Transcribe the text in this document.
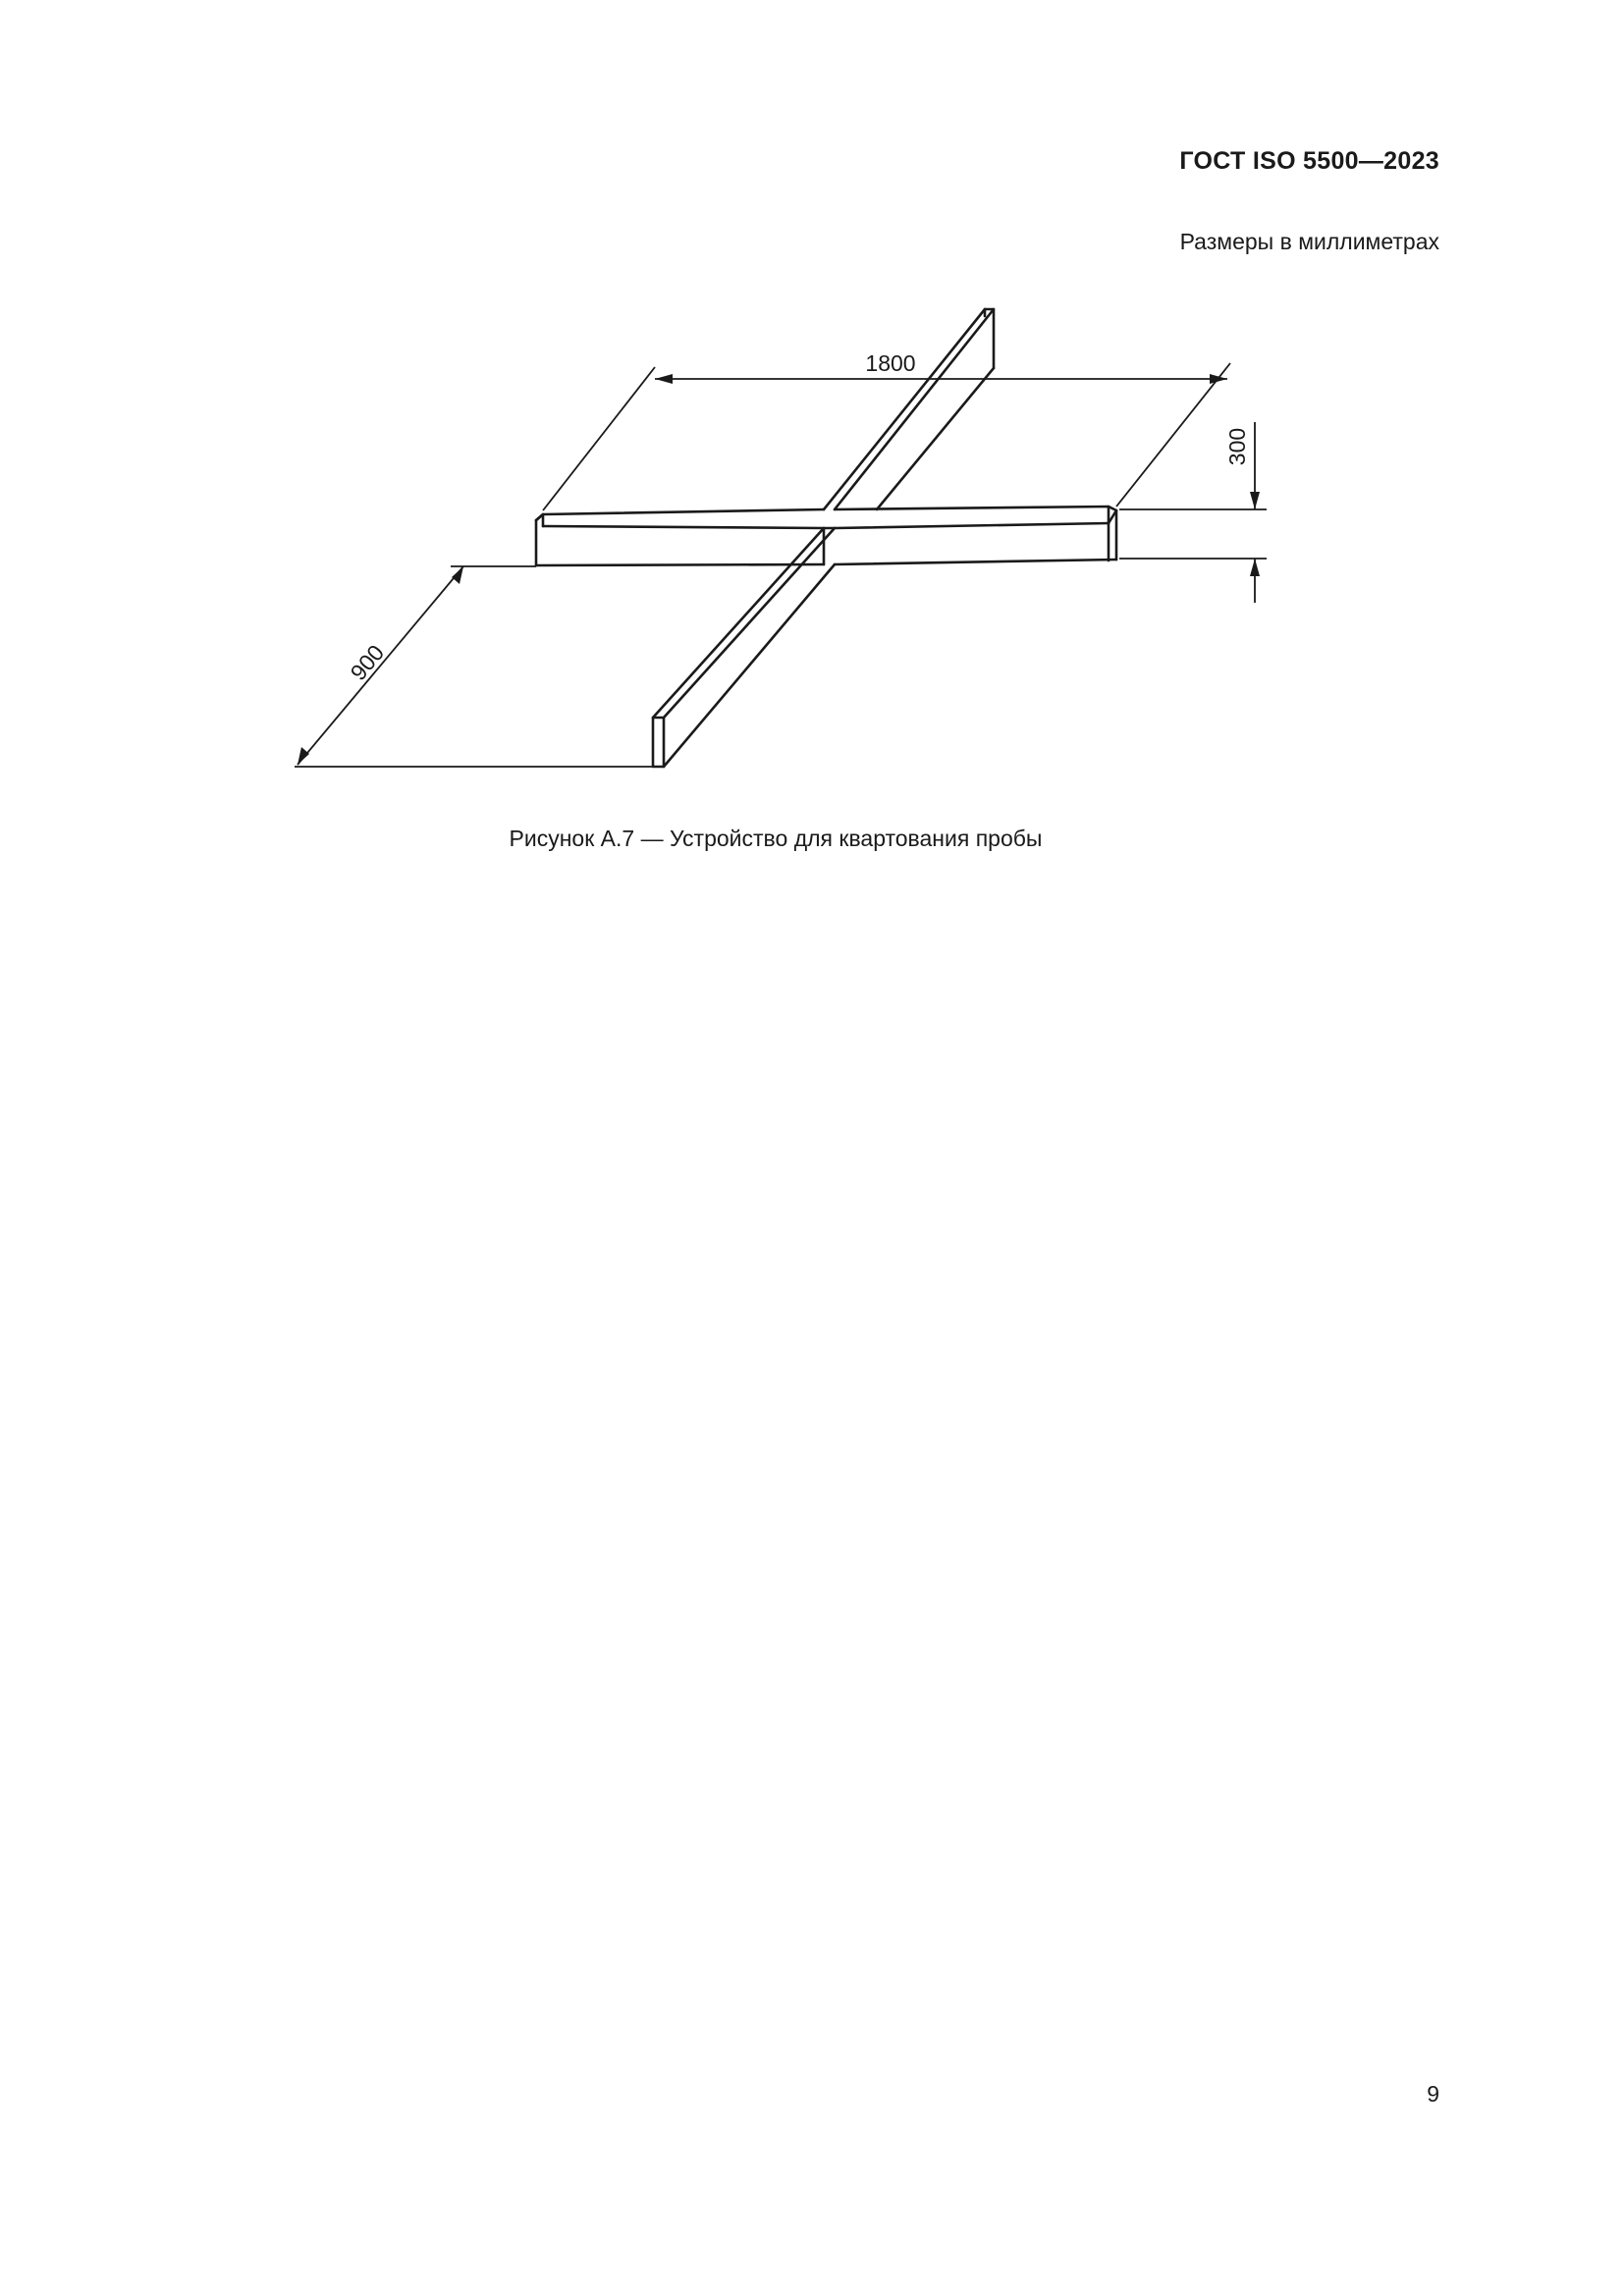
ГОСТ ISO 5500—2023
Размеры в миллиметрах
1800
300
900
Рисунок А.7 — Устройство для квартования пробы
9
